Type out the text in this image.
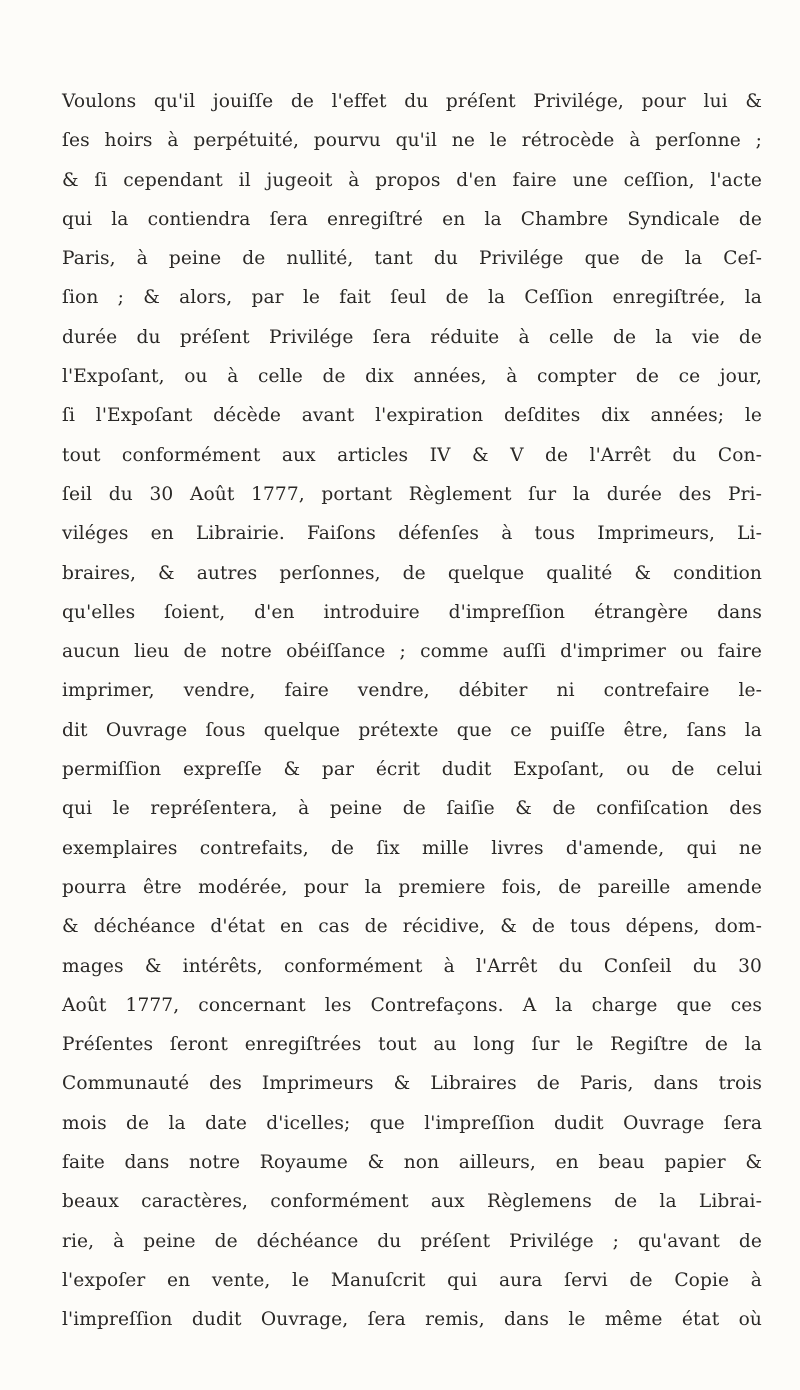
Voulons qu'il jouiſſe de l'effet du préſent Privilége, pour lui &
ſes hoirs à perpétuité, pourvu qu'il ne le rétrocède à perſonne ;
& ſi cependant il jugeoit à propos d'en faire une ceſſion, l'acte
qui la contiendra ſera enregiſtré en la Chambre Syndicale de
Paris, à peine de nullité, tant du Privilége que de la Ceſ-
ſion ; & alors, par le fait ſeul de la Ceſſion enregiſtrée, la
durée du préſent Privilége ſera réduite à celle de la vie de
l'Expoſant, ou à celle de dix années, à compter de ce jour,
ſi l'Expoſant décède avant l'expiration deſdites dix années; le
tout conformément aux articles IV & V de l'Arrêt du Con-
ſeil du 30 Août 1777, portant Règlement ſur la durée des Pri-
viléges en Librairie. Faiſons défenſes à tous Imprimeurs, Li-
braires, & autres perſonnes, de quelque qualité & condition
qu'elles ſoient, d'en introduire d'impreſſion étrangère dans
aucun lieu de notre obéiſſance ; comme auſſi d'imprimer ou faire
imprimer, vendre, faire vendre, débiter ni contrefaire le-
dit Ouvrage ſous quelque prétexte que ce puiſſe être, ſans la
permiſſion expreſſe & par écrit dudit Expoſant, ou de celui
qui le repréſentera, à peine de ſaiſie & de confiſcation des
exemplaires contrefaits, de ſix mille livres d'amende, qui ne
pourra être modérée, pour la premiere fois, de pareille amende
& déchéance d'état en cas de récidive, & de tous dépens, dom-
mages & intérêts, conformément à l'Arrêt du Conſeil du 30
Août 1777, concernant les Contrefaçons. A la charge que ces
Préſentes ſeront enregiſtrées tout au long ſur le Regiſtre de la
Communauté des Imprimeurs & Libraires de Paris, dans trois
mois de la date d'icelles; que l'impreſſion dudit Ouvrage ſera
faite dans notre Royaume & non ailleurs, en beau papier &
beaux caractères, conformément aux Règlemens de la Librai-
rie, à peine de déchéance du préſent Privilége ; qu'avant de
l'expoſer en vente, le Manuſcrit qui aura ſervi de Copie à
l'impreſſion dudit Ouvrage, ſera remis, dans le même état où
